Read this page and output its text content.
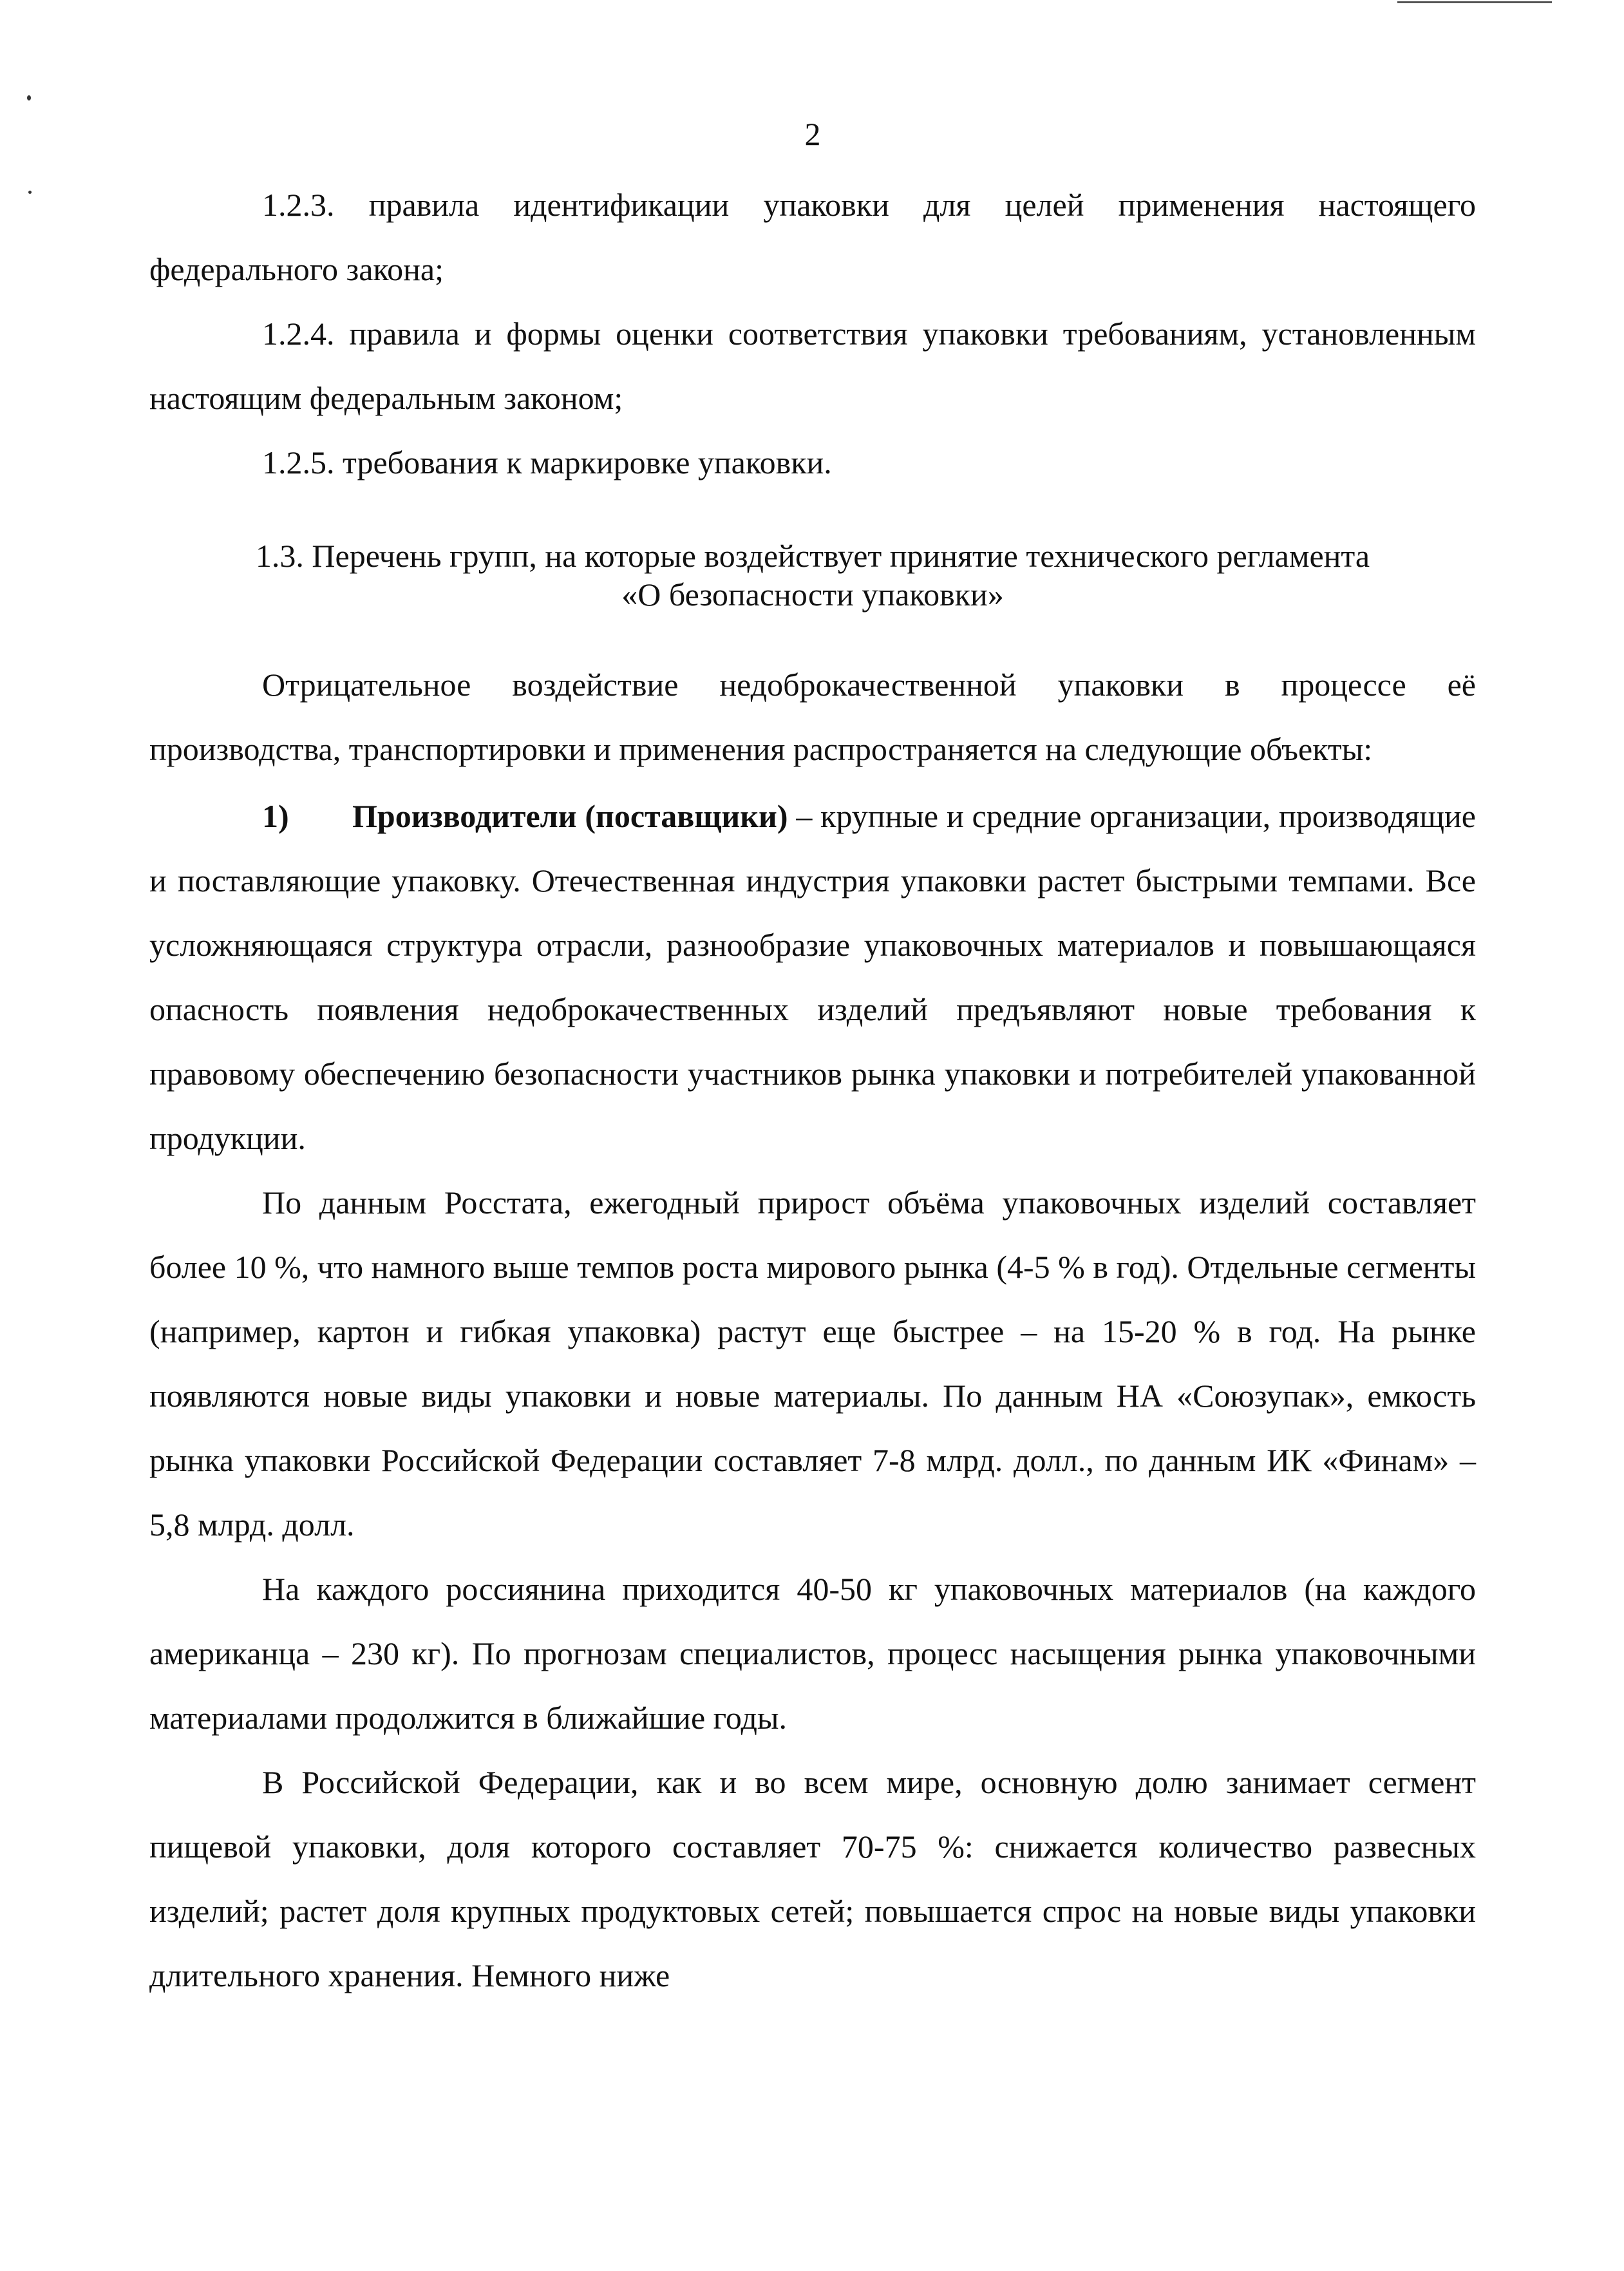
2

1.2.3. правила идентификации упаковки для целей применения настоящего федерального закона;

1.2.4. правила и формы оценки соответствия упаковки требованиям, установленным настоящим федеральным законом;

1.2.5. требования к маркировке упаковки.

1.3. Перечень групп, на которые воздействует принятие технического регламента
«О безопасности упаковки»

Отрицательное воздействие недоброкачественной упаковки в процессе её производства, транспортировки и применения распространяется на следующие объекты:

1) Производители (поставщики) – крупные и средние организации, производящие и поставляющие упаковку. Отечественная индустрия упаковки растет быстрыми темпами. Все усложняющаяся структура отрасли, разнообразие упаковочных материалов и повышающаяся опасность появления недоброкачественных изделий предъявляют новые требования к правовому обеспечению безопасности участников рынка упаковки и потребителей упакованной продукции.

По данным Росстата, ежегодный прирост объёма упаковочных изделий составляет более 10 %, что намного выше темпов роста мирового рынка (4-5 % в год). Отдельные сегменты (например, картон и гибкая упаковка) растут еще быстрее – на 15-20 % в год. На рынке появляются новые виды упаковки и новые материалы. По данным НА «Союзупак», емкость рынка упаковки Российской Федерации составляет 7-8 млрд. долл., по данным ИК «Финам» – 5,8 млрд. долл.

На каждого россиянина приходится 40-50 кг упаковочных материалов (на каждого американца – 230 кг). По прогнозам специалистов, процесс насыщения рынка упаковочными материалами продолжится в ближайшие годы.

В Российской Федерации, как и во всем мире, основную долю занимает сегмент пищевой упаковки, доля которого составляет 70-75 %: снижается количество развесных изделий; растет доля крупных продуктовых сетей; повышается спрос на новые виды упаковки длительного хранения. Немного ниже
